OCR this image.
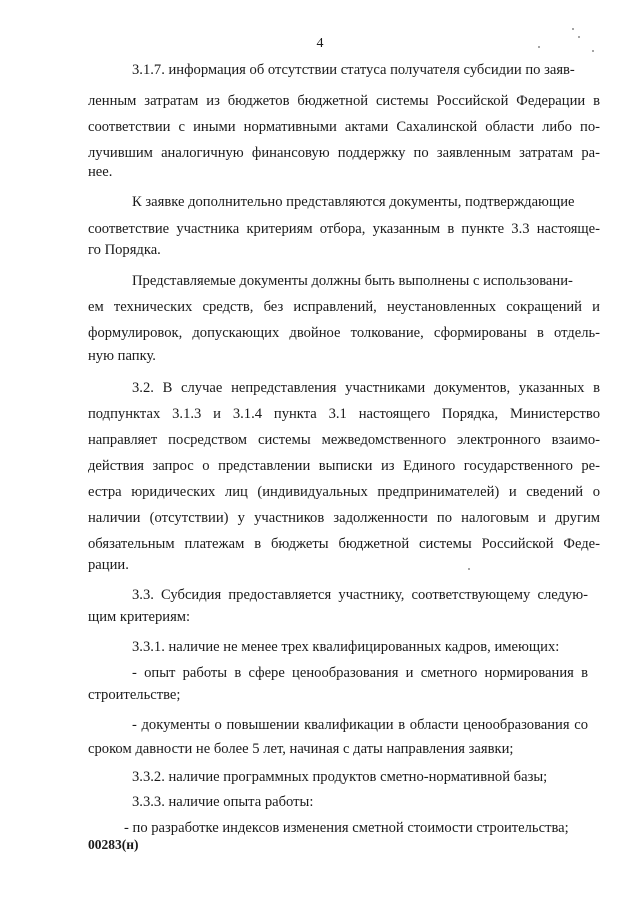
4
3.1.7. информация об отсутствии статуса получателя субсидии по заяв-
ленным затратам из бюджетов бюджетной системы Российской Федерации в
соответствии с иными нормативными актами Сахалинской области либо по-
лучившим аналогичную финансовую поддержку по заявленным затратам ра-
нее.
К заявке дополнительно представляются документы, подтверждающие
соответствие участника критериям отбора, указанным в пункте 3.3 настояще-
го Порядка.
Представляемые документы должны быть выполнены с использовани-
ем технических средств, без исправлений, неустановленных сокращений и
формулировок, допускающих двойное толкование, сформированы в отдель-
ную папку.
3.2. В случае непредставления участниками документов, указанных в
подпунктах 3.1.3 и 3.1.4 пункта 3.1 настоящего Порядка, Министерство
направляет посредством системы межведомственного электронного взаимо-
действия запрос о представлении выписки из Единого государственного ре-
естра юридических лиц (индивидуальных предпринимателей) и сведений о
наличии (отсутствии) у участников задолженности по налоговым и другим
обязательным платежам в бюджеты бюджетной системы Российской Феде-
рации.
3.3. Субсидия предоставляется участнику, соответствующему следую-
щим критериям:
3.3.1. наличие не менее трех квалифицированных кадров, имеющих:
- опыт работы в сфере ценообразования и сметного нормирования в
строительстве;
- документы о повышении квалификации в области ценообразования со
сроком давности не более 5 лет, начиная с даты направления заявки;
3.3.2. наличие программных продуктов сметно-нормативной базы;
3.3.3. наличие опыта работы:
- по разработке индексов изменения сметной стоимости строительства;
00283(н)
